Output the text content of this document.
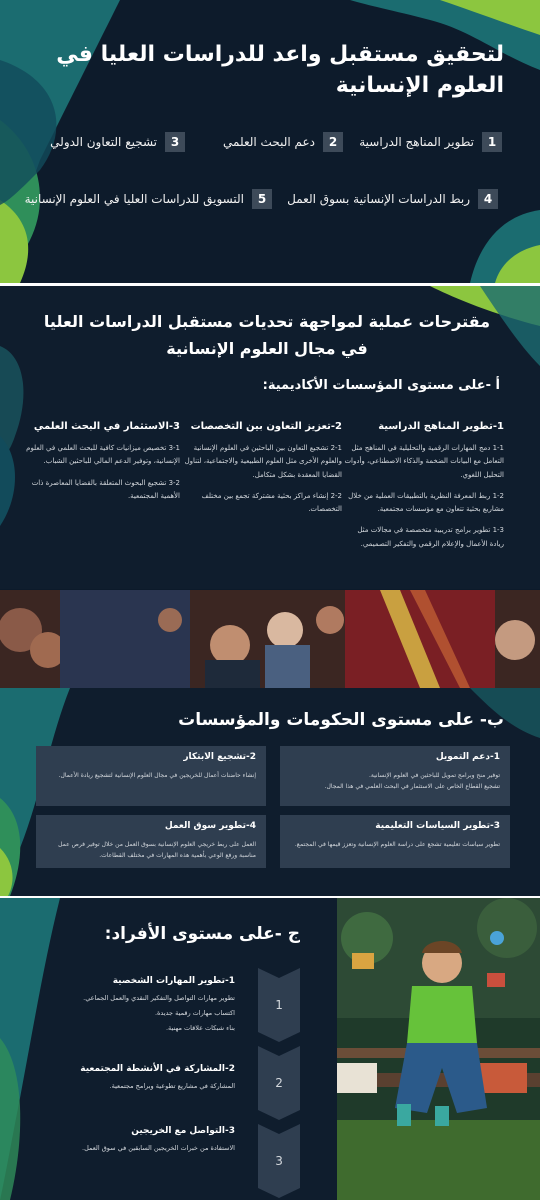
لتحقيق مستقبل واعد للدراسات العليا في العلوم الإنسانية
1
تطوير المناهج الدراسية
2
دعم البحث العلمي
3
تشجيع التعاون الدولي
4
ربط الدراسات الإنسانية بسوق العمل
5
التسويق للدراسات العليا في العلوم الإنسانية
مقترحات عملية لمواجهة تحديات مستقبل الدراسات العليا في مجال العلوم الإنسانية
أ -على مستوى المؤسسات الأكاديمية:
1-تطوير المناهج الدراسية

1-1 دمج المهارات الرقمية والتحليلية في المناهج مثل التعامل مع البيانات الضخمة والذكاء الاصطناعي، وأدوات التحليل اللغوي.

1-2 ربط المعرفة النظرية بالتطبيقات العملية من خلال مشاريع بحثية تتعاون مع مؤسسات مجتمعية.

1-3 تطوير برامج تدريبية متخصصة في مجالات مثل ريادة الأعمال والإعلام الرقمي والتفكير التصميمي.

2-تعزيز التعاون بين التخصصات

2-1 تشجيع التعاون بين الباحثين في العلوم الإنسانية والعلوم الأخرى مثل العلوم الطبيعية والاجتماعية، لتناول القضايا المعقدة بشكل متكامل.

2-2 إنشاء مراكز بحثية مشتركة تجمع بين مختلف التخصصات.

3-الاستثمار في البحث العلمي

3-1 تخصيص ميزانيات كافية للبحث العلمي في العلوم الإنسانية، وتوفير الدعم المالي للباحثين الشباب.

3-2 تشجيع البحوث المتعلقة بالقضايا المعاصرة ذات الأهمية المجتمعية.

ب- على مستوى الحكومات والمؤسسات
1-دعم التمويل

توفير منح وبرامج تمويل للباحثين في العلوم الإنسانية.

تشجيع القطاع الخاص على الاستثمار في البحث العلمي في هذا المجال.

2-تشجيع الابتكار

إنشاء حاضنات أعمال للخريجين في مجال العلوم الإنسانية لتشجيع ريادة الأعمال.

3-تطوير السياسات التعليمية

تطوير سياسات تعليمية تشجع على دراسة العلوم الإنسانية وتعزز قيمها في المجتمع.

4-تطوير سوق العمل

العمل على ربط خريجي العلوم الإنسانية بسوق العمل من خلال توفير فرص عمل مناسبة ورفع الوعي بأهمية هذه المهارات في مختلف القطاعات.

ج -على مستوى الأفراد:
1
2
3
1-تطوير المهارات الشخصية

تطوير مهارات التواصل والتفكير النقدي والعمل الجماعي.

اكتساب مهارات رقمية جديدة.

بناء شبكات علاقات مهنية.

2-المشاركة في الأنشطة المجتمعية

المشاركة في مشاريع تطوعية وبرامج مجتمعية.

3-التواصل مع الخريجين

الاستفادة من خبرات الخريجين السابقين في سوق العمل.
